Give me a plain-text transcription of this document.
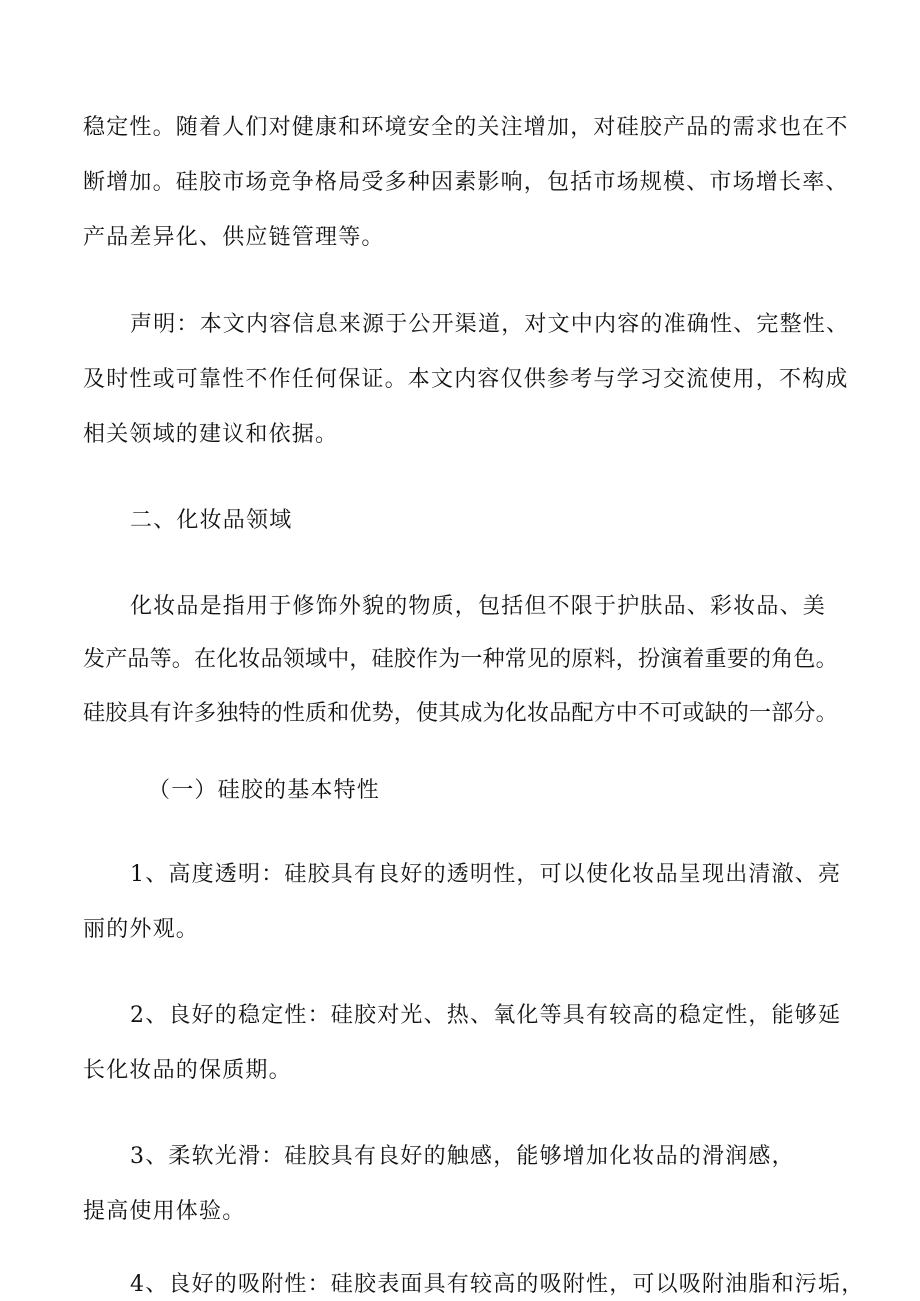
稳定性。随着人们对健康和环境安全的关注增加，对硅胶产品的需求也在不
断增加。硅胶市场竞争格局受多种因素影响，包括市场规模、市场增长率、
产品差异化、供应链管理等。
声明：本文内容信息来源于公开渠道，对文中内容的准确性、完整性、
及时性或可靠性不作任何保证。本文内容仅供参考与学习交流使用，不构成
相关领域的建议和依据。
二、化妆品领域
化妆品是指用于修饰外貌的物质，包括但不限于护肤品、彩妆品、美
发产品等。在化妆品领域中，硅胶作为一种常见的原料，扮演着重要的角色。
硅胶具有许多独特的性质和优势，使其成为化妆品配方中不可或缺的一部分。
（一）硅胶的基本特性
1、高度透明：硅胶具有良好的透明性，可以使化妆品呈现出清澈、亮
丽的外观。
2、良好的稳定性：硅胶对光、热、氧化等具有较高的稳定性，能够延
长化妆品的保质期。
3、柔软光滑：硅胶具有良好的触感，能够增加化妆品的滑润感，
提高使用体验。
4、良好的吸附性：硅胶表面具有较高的吸附性，可以吸附油脂和污垢，
